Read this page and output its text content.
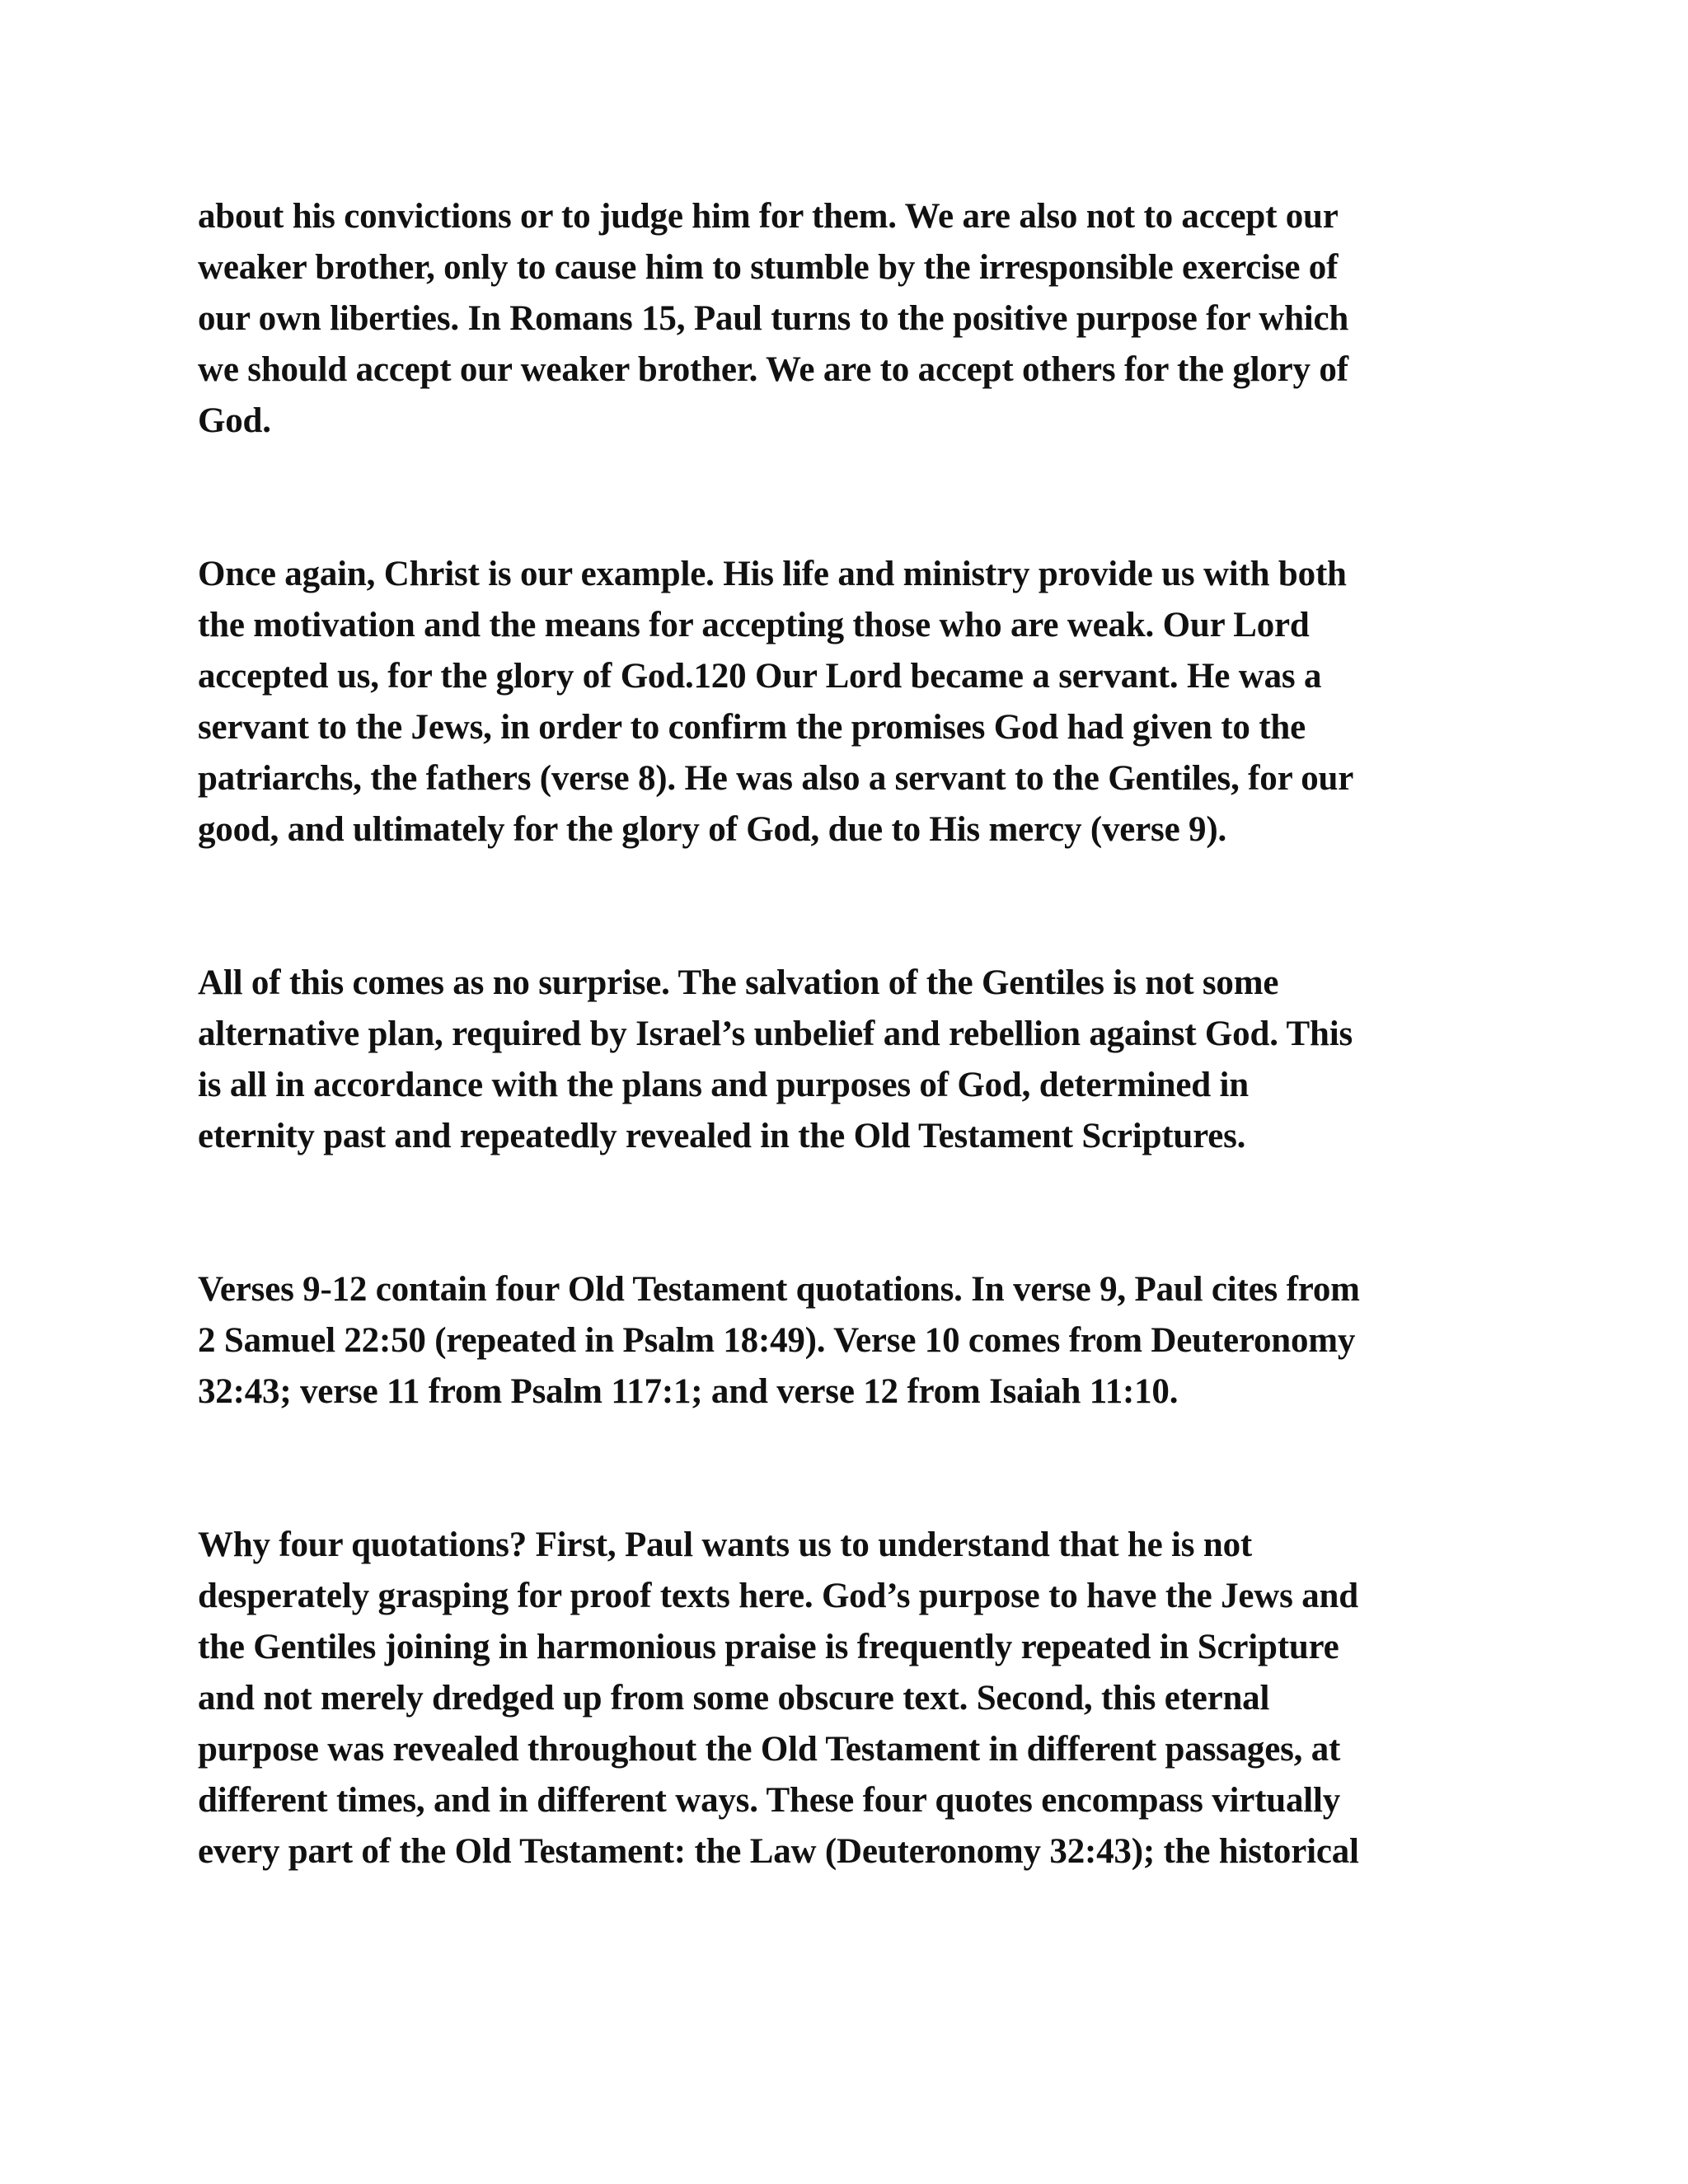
about his convictions or to judge him for them. We are also not to accept our
weaker brother, only to cause him to stumble by the irresponsible exercise of
our own liberties. In Romans 15, Paul turns to the positive purpose for which
we should accept our weaker brother. We are to accept others for the glory of
God.

Once again, Christ is our example. His life and ministry provide us with both
the motivation and the means for accepting those who are weak. Our Lord
accepted us, for the glory of God.120 Our Lord became a servant. He was a
servant to the Jews, in order to confirm the promises God had given to the
patriarchs, the fathers (verse 8). He was also a servant to the Gentiles, for our
good, and ultimately for the glory of God, due to His mercy (verse 9).

All of this comes as no surprise. The salvation of the Gentiles is not some
alternative plan, required by Israel’s unbelief and rebellion against God. This
is all in accordance with the plans and purposes of God, determined in
eternity past and repeatedly revealed in the Old Testament Scriptures.

Verses 9-12 contain four Old Testament quotations. In verse 9, Paul cites from
2 Samuel 22:50 (repeated in Psalm 18:49). Verse 10 comes from Deuteronomy
32:43; verse 11 from Psalm 117:1; and verse 12 from Isaiah 11:10.

Why four quotations? First, Paul wants us to understand that he is not
desperately grasping for proof texts here. God’s purpose to have the Jews and
the Gentiles joining in harmonious praise is frequently repeated in Scripture
and not merely dredged up from some obscure text. Second, this eternal
purpose was revealed throughout the Old Testament in different passages, at
different times, and in different ways. These four quotes encompass virtually
every part of the Old Testament: the Law (Deuteronomy 32:43); the historical
